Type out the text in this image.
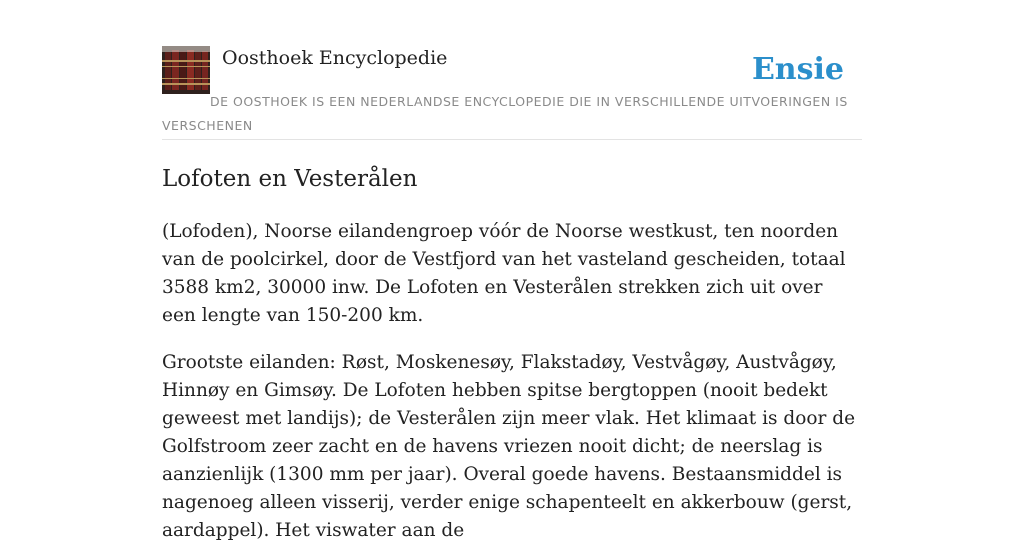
Oosthoek Encyclopedie	Ensie

DE OOSTHOEK IS EEN NEDERLANDSE ENCYCLOPEDIE DIE IN VERSCHILLENDE UITVOERINGEN IS VERSCHENEN

Lofoten en Vesterålen

(Lofoden), Noorse eilandengroep vóór de Noorse westkust, ten noorden van de poolcirkel, door de Vestfjord van het vasteland gescheiden, totaal 3588 km2, 30000 inw. De Lofoten en Vesterålen strekken zich uit over een lengte van 150-200 km.

Grootste eilanden: Røst, Moskenesøy, Flakstadøy, Vestvågøy, Austvågøy, Hinnøy en Gimsøy. De Lofoten hebben spitse bergtoppen (nooit bedekt geweest met landijs); de Vesterålen zijn meer vlak. Het klimaat is door de Golfstroom zeer zacht en de havens vriezen nooit dicht; de neerslag is aanzienlijk (1300 mm per jaar). Overal goede havens. Bestaansmiddel is nagenoeg alleen visserij, verder enige schapenteelt en akkerbouw (gerst, aardappel). Het viswater aan de
